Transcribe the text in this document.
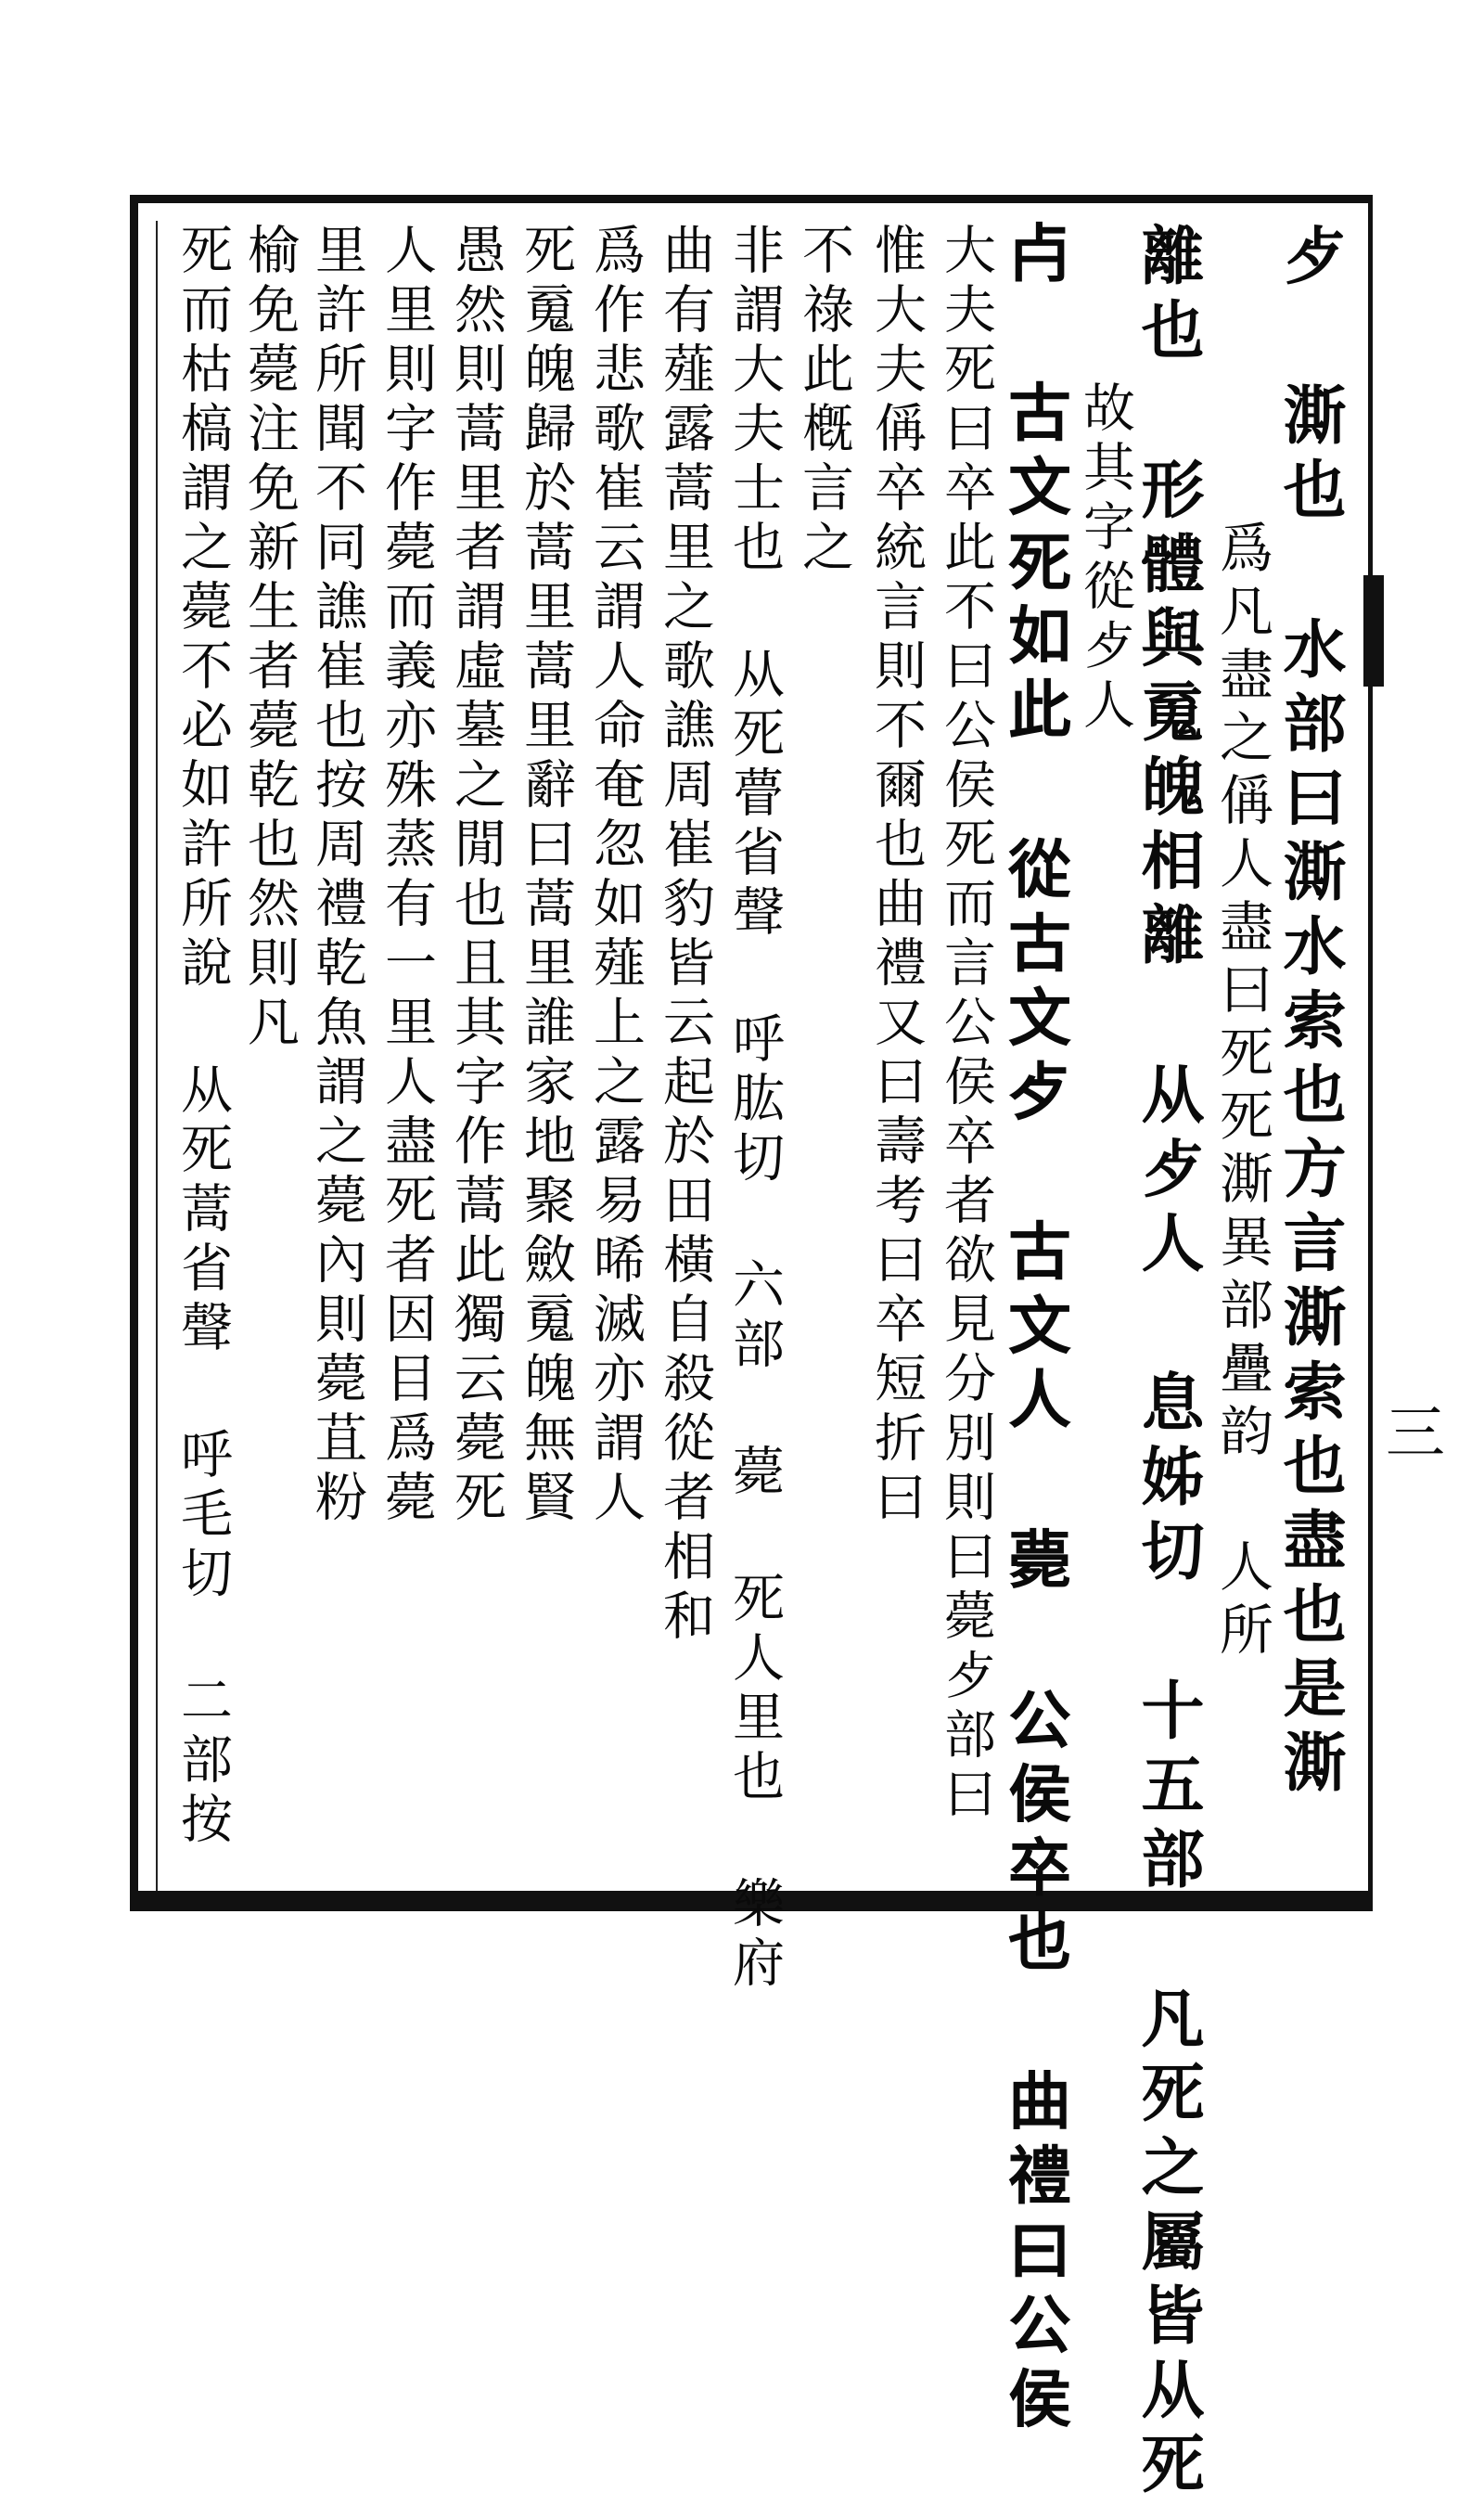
三
歺 澌也 水部曰澌水索也方言澌索也盡也是澌
爲凡盡之偁人盡曰死死澌異部疊韵 人所
離也 形體與䰟魄相離 从歺人 息姊切 十五部 凡死之屬皆从死
故其字從歺人
𣦵 古文死如此 從古文歺 古文人 薨 公侯卒也 曲禮曰公侯
大夫死曰卒此不曰公侯死而言公侯卒者欲見分別則曰薨歺部曰
惟大夫偁卒統言則不爾也曲禮又曰壽考曰卒短折曰
不祿此槪言之
非謂大夫士也 从死瞢省聲 呼肱切 六部 薨 死人里也 樂府
曲有薤露蒿里之歌譙周崔豹皆云起於田橫自殺從者相和
爲作悲歌崔云謂人命奄忽如薤上之露易晞滅亦謂人
死䰟魄歸於蒿里蒿里辭曰蒿里誰家地聚斂䰟魄無賢
愚然則蒿里者謂虛墓之閒也且其字作蒿此獨云薨死
人里則字作薨而義亦殊蒸有一里人盡死者因目爲薨
里許所聞不同譙崔也按周禮乾魚謂之薨內則薨苴粉
榆免薨注免新生者薨乾也然則凡
死而枯槁謂之薨不必如許所說 从死蒿省聲 呼毛切 二部按
